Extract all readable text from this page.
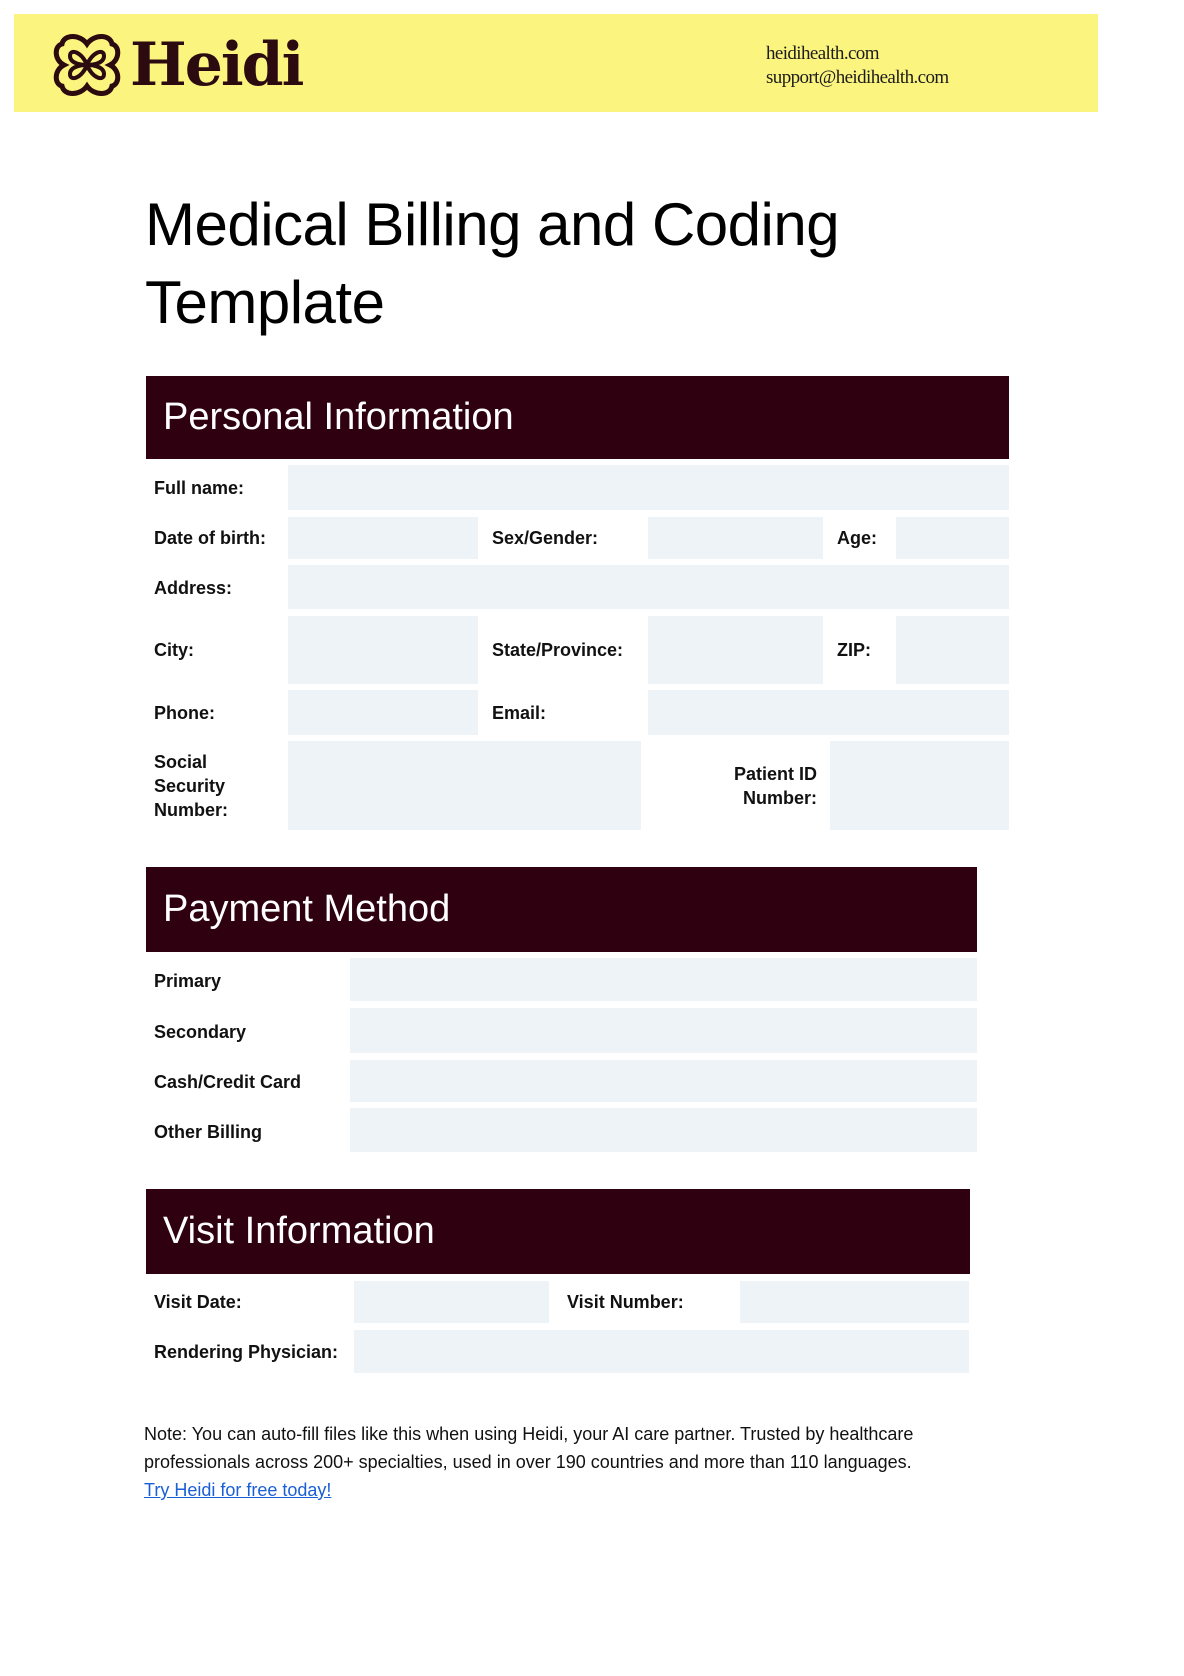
Heidi	heidihealth.com
support@heidihealth.com
Medical Billing and Coding
Template
Personal Information
Full name:
Date of birth:	Sex/Gender:	Age:
Address:
City:	State/Province:	ZIP:
Phone:	Email:
Social
Security
Number:
Patient ID
Number:
Payment Method
Primary
Secondary
Cash/Credit Card
Other Billing
Visit Information
Visit Date:	Visit Number:
Rendering Physician:
Note: You can auto-fill files like this when using Heidi, your AI care partner. Trusted by healthcare professionals across 200+ specialties, used in over 190 countries and more than 110 languages.
Try Heidi for free today!
